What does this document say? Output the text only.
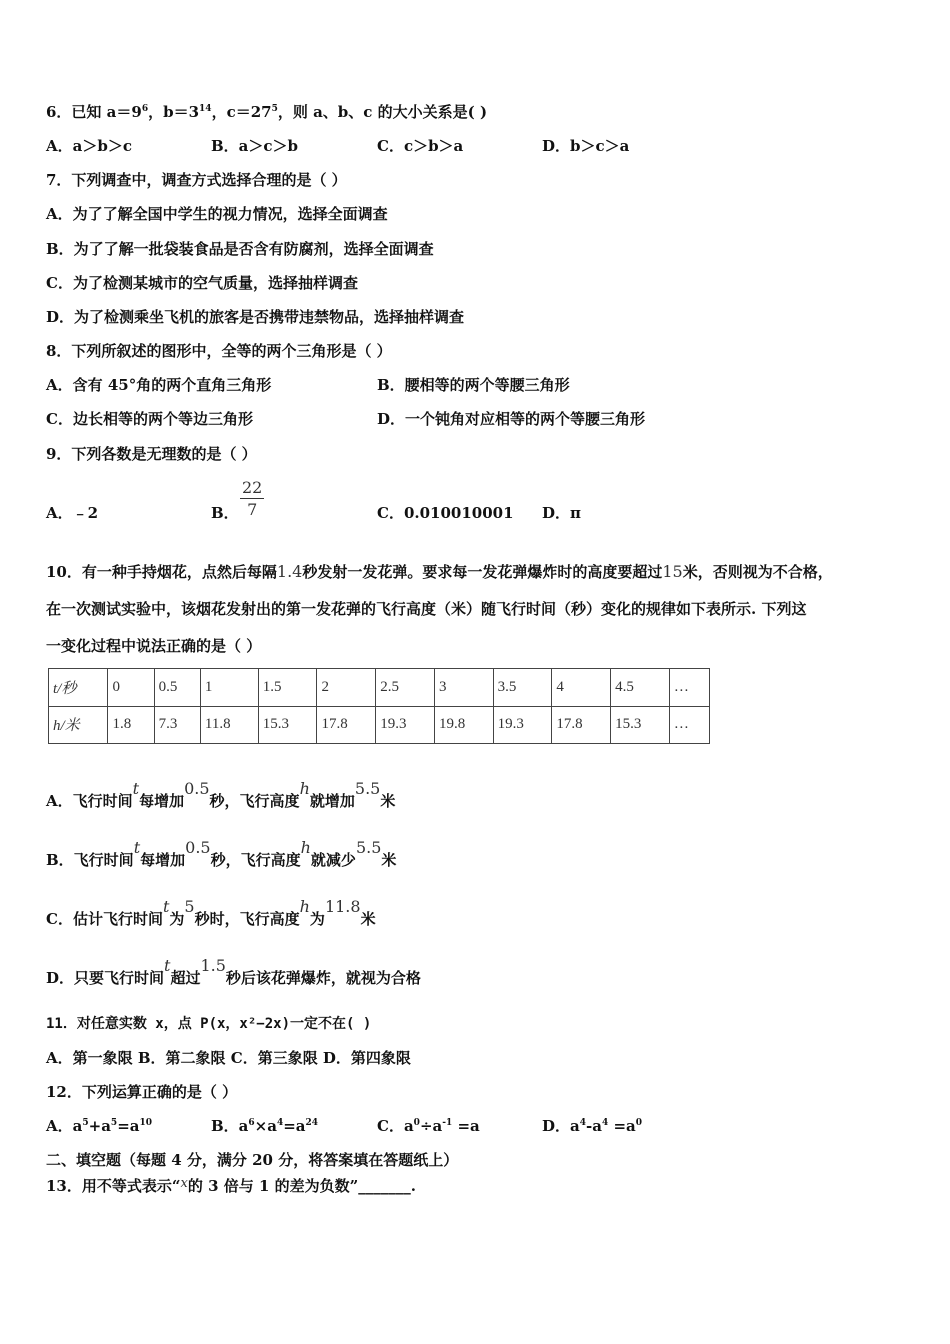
6．已知 $a=9^6$，$b=3^{14}$，$c=27^5$，则 a、b、c 的大小关系是( )
A．a＞b＞c	B．a＞c＞b	C．c＞b＞a	D．b＞c＞a
7．下列调查中，调查方式选择合理的是（ ）
A．为了了解全国中学生的视力情况，选择全面调查
B．为了了解一批袋装食品是否含有防腐剂，选择全面调查
C．为了检测某城市的空气质量，选择抽样调查
D．为了检测乘坐飞机的旅客是否携带违禁物品，选择抽样调查
8．下列所叙述的图形中，全等的两个三角形是（ ）
A．含有 45°角的两个直角三角形	B．腰相等的两个等腰三角形
C．边长相等的两个等边三角形	D．一个钝角对应相等的两个等腰三角形
9．下列各数是无理数的是（ ）
A．﹣2	B． $\frac{22}{7}$	C．0.010010001 D．π
10．有一种手持烟花，点然后每隔1.4秒发射一发花弹。要求每一发花弹爆炸时的高度要超过15米，否则视为不合格，
在一次测试实验中，该烟花发射出的第一发花弹的飞行高度（米）随飞行时间（秒）变化的规律如下表所示. 下列这
一变化过程中说法正确的是（ ）
t/秒	0	0.5	1	1.5	2	2.5	3	3.5	4	4.5	…
h/米	1.8	7.3	11.8	15.3	17.8	19.3	19.8	19.3	17.8	15.3	…
A．飞行时间t每增加0.5秒，飞行高度h就增加5.5米
B．飞行时间t每增加0.5秒，飞行高度h就减少5.5米
C．估计飞行时间t为5秒时，飞行高度h为11.8米
D．只要飞行时间t超过1.5秒后该花弹爆炸，就视为合格
11．对任意实数 x，点 P(x，x²−2x)一定不在( )
A．第一象限 B．第二象限 C．第三象限 D．第四象限
12．下列运算正确的是（ ）
A．$a^5+a^5=a^{10}$	B．$a^6\times a^4=a^{24}$	C．$a^0\div a^{-1} =a$	D．$a^4-a^4 =a^0$
二、填空题（每题 4 分，满分 20 分，将答案填在答题纸上）
13．用不等式表示“x的 3 倍与 1 的差为负数”_______.
